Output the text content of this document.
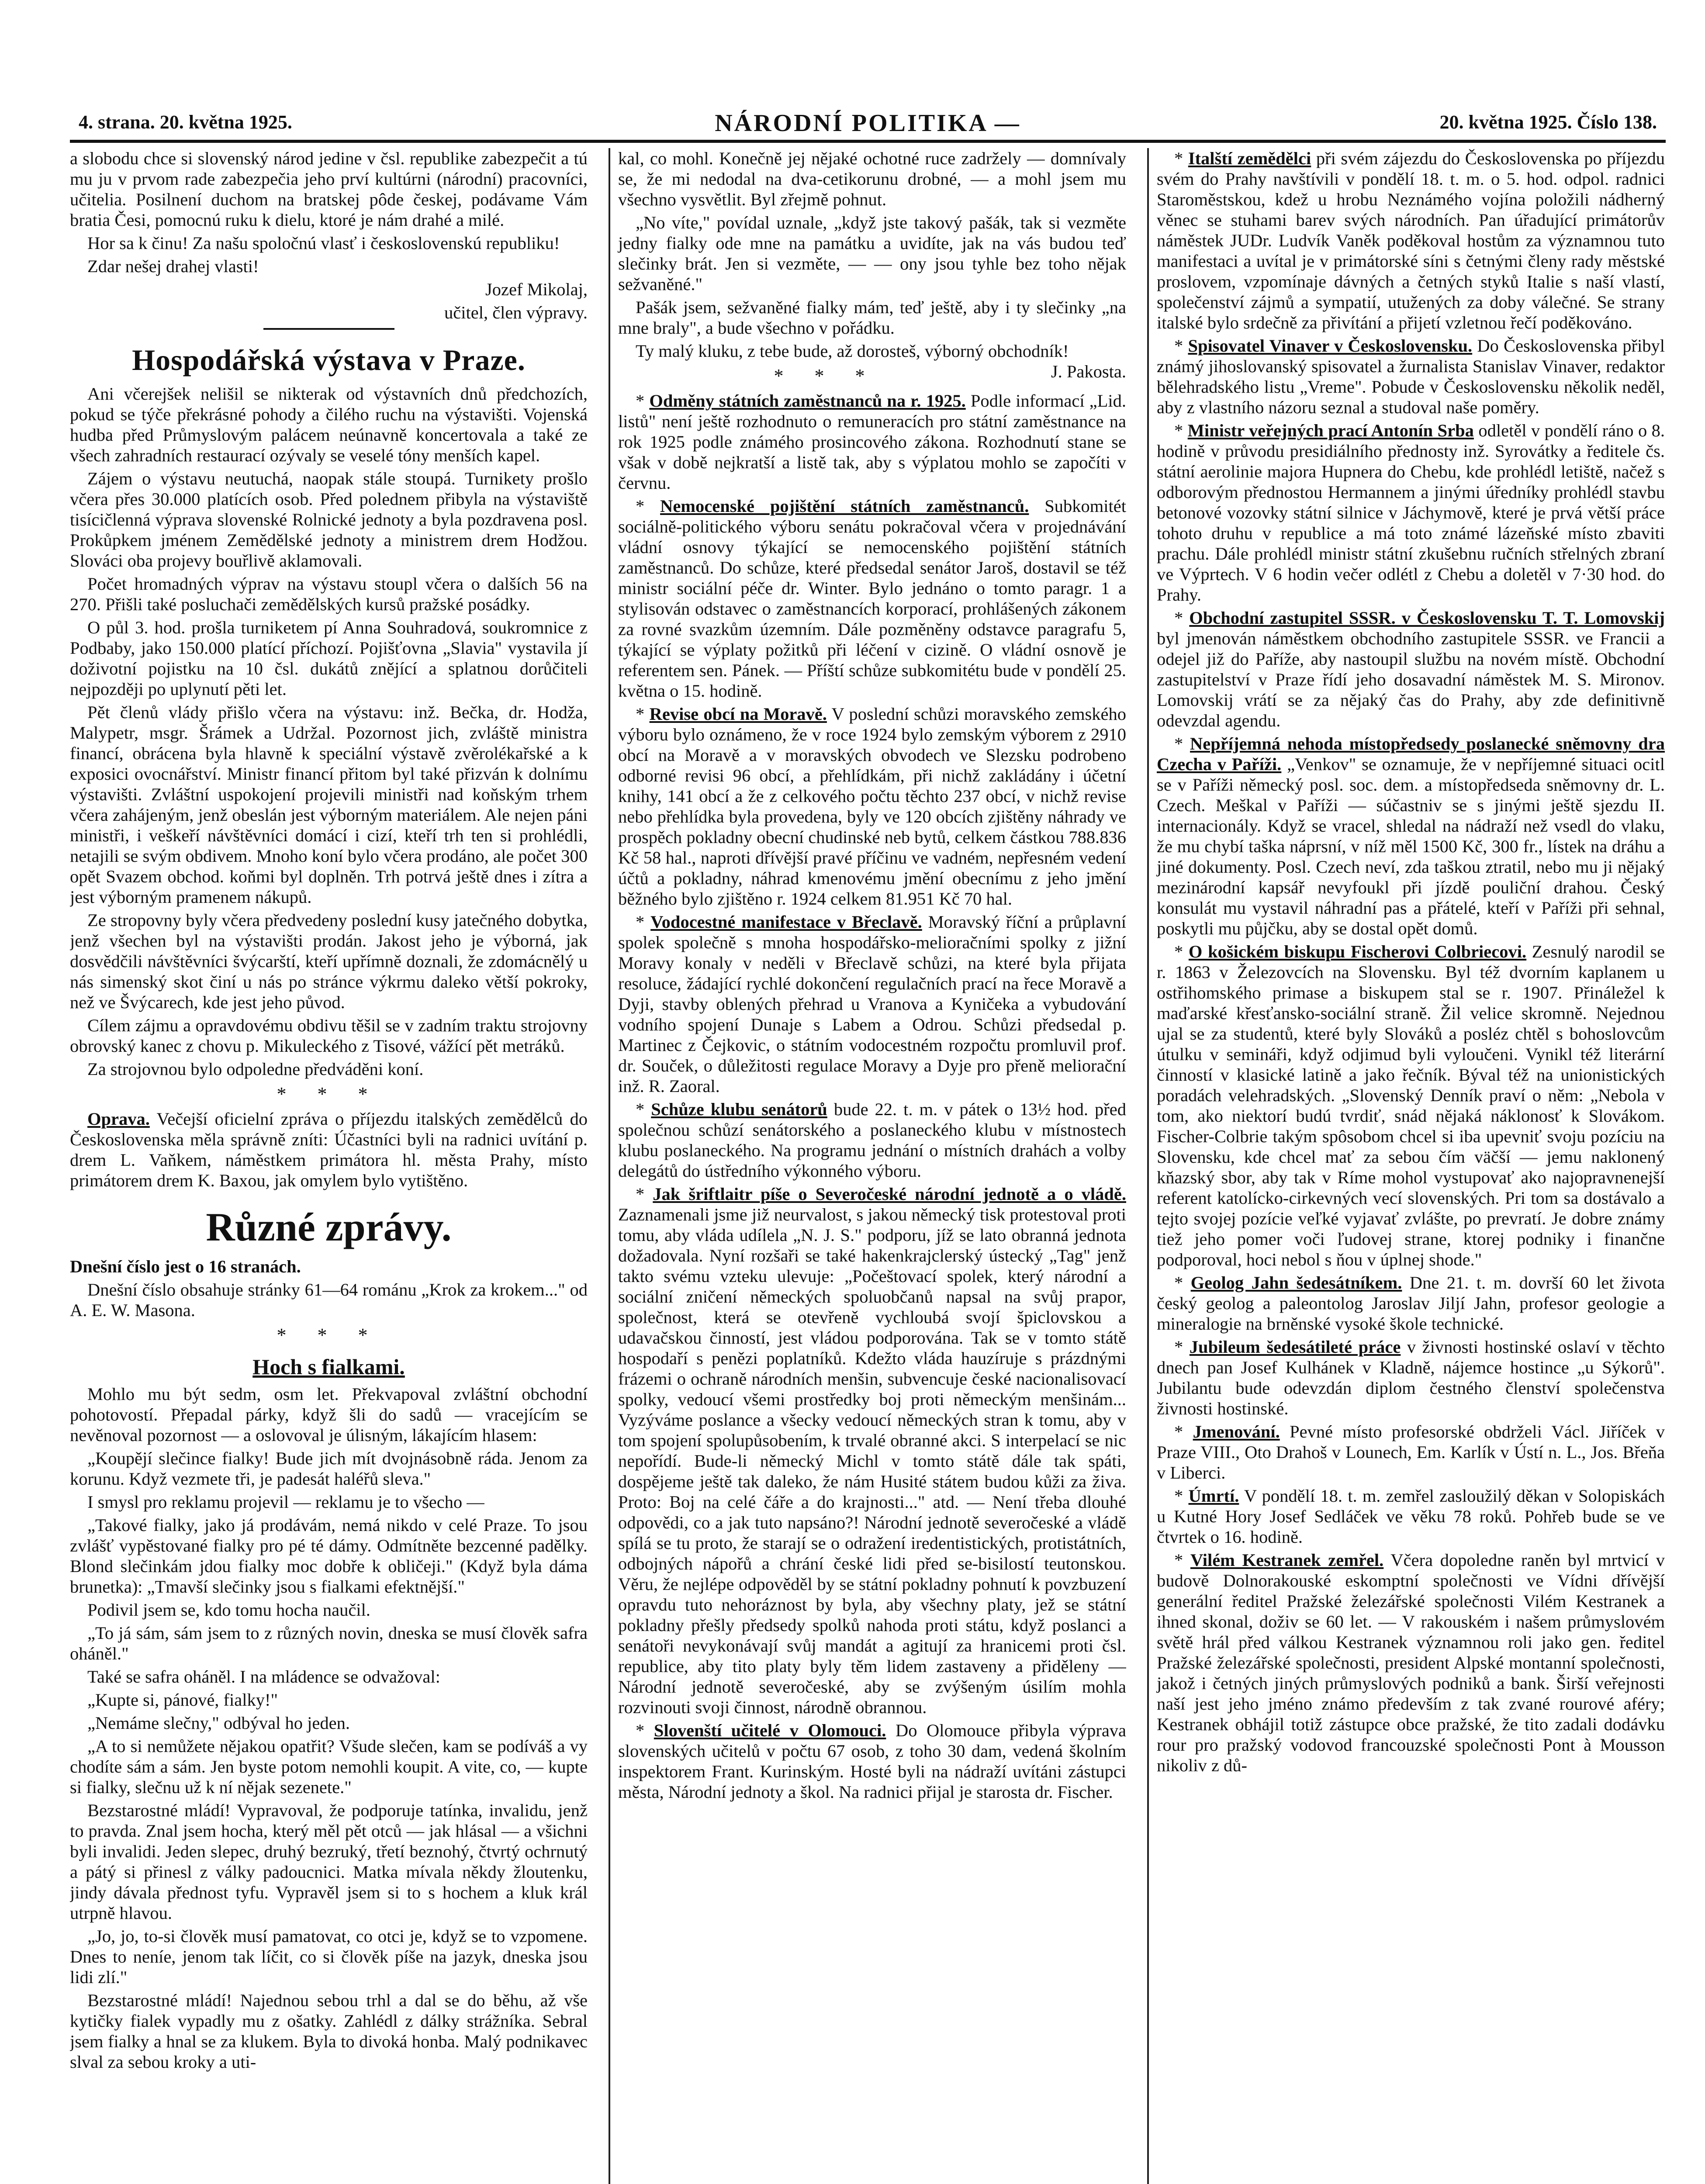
4. strana. 20. května 1925.	NÁRODNÍ POLITIKA —	20. května 1925. Číslo 138.

a slobodu chce si slovenský národ jedine v čsl. republike zabezpečit a tú mu ju v prvom rade zabezpečia jeho prví kultúrni (národní) pracovníci, učitelia. Posilnení duchom na bratskej pôde českej, podávame Vám bratia Česi, pomocnú ruku k dielu, ktoré je nám drahé a milé.

Hor sa k činu! Za našu spoločnú vlasť i československú republiku!

Zdar nešej drahej vlasti!

Jozef Mikolaj,

učitel, člen výpravy.

Hospodářská výstava v Praze.

Ani včerejšek nelišil se nikterak od výstavních dnů předchozích, pokud se týče překrásné pohody a čilého ruchu na výstavišti. Vojenská hudba před Průmyslovým palácem neúnavně koncertovala a také ze všech zahradních restaurací ozývaly se veselé tóny menších kapel.

Zájem o výstavu neutuchá, naopak stále stoupá. Turnikety prošlo včera přes 30.000 platících osob. Před polednem přibyla na výstaviště tisícičlenná výprava slovenské Rolnické jednoty a byla pozdravena posl. Prokůpkem jménem Zemědělské jednoty a ministrem drem Hodžou. Slováci oba projevy bouřlivě aklamovali.

Počet hromadných výprav na výstavu stoupl včera o dalších 56 na 270. Přišli také posluchači zemědělských kursů pražské posádky.

O půl 3. hod. prošla turniketem pí Anna Souhradová, soukromnice z Podbaby, jako 150.000 platící příchozí. Pojišťovna „Slavia" vystavila jí doživotní pojistku na 10 čsl. dukátů znějící a splatnou dorůčiteli nejpozději po uplynutí pěti let.

Pět členů vlády přišlo včera na výstavu: inž. Bečka, dr. Hodža, Malypetr, msgr. Šrámek a Udržal. Pozornost jich, zvláště ministra financí, obrácena byla hlavně k speciální výstavě zvěrolékařské a k exposici ovocnářství. Ministr financí přitom byl také přizván k dolnímu výstavišti. Zvláštní uspokojení projevili ministři nad koňským trhem včera zahájeným, jenž obeslán jest výborným materiálem. Ale nejen páni ministři, i veškeří návštěvníci domácí i cizí, kteří trh ten si prohlédli, netajili se svým obdivem. Mnoho koní bylo včera prodáno, ale počet 300 opět Svazem obchod. koňmi byl doplněn. Trh potrvá ještě dnes i zítra a jest výborným pramenem nákupů.

Ze stropovny byly včera předvedeny poslední kusy jatečného dobytka, jenž všechen byl na výstavišti prodán. Jakost jeho je výborná, jak dosvědčili návštěvníci švýcarští, kteří upřímně doznali, že zdomácnělý u nás simenský skot činí u nás po stránce výkrmu daleko větší pokroky, než ve Švýcarech, kde jest jeho původ.

Cílem zájmu a opravdovému obdivu těšil se v zadním traktu strojovny obrovský kanec z chovu p. Mikuleckého z Tisové, vážící pět metráků.

Za strojovnou bylo odpoledne předváděni koní.

* * *

Oprava. Večejší oficielní zpráva o příjezdu italských zemědělců do Československa měla správně zníti: Účastníci byli na radnici uvítání p. drem L. Vaňkem, náměstkem primátora hl. města Prahy, místo primátorem drem K. Baxou, jak omylem bylo vytištěno.

Různé zprávy.

Dnešní číslo jest o 16 stranách.

Dnešní číslo obsahuje stránky 61—64 románu „Krok za krokem..." od A. E. W. Masona.

* * *
Hoch s fialkami.

Mohlo mu být sedm, osm let. Překvapoval zvláštní obchodní pohotovostí. Přepadal párky, když šli do sadů — vracejícím se nevěnoval pozornost — a oslovoval je úlisným, lákajícím hlasem:

„Koupějí slečince fialky! Bude jich mít dvojnásobně ráda. Jenom za korunu. Když vezmete tři, je padesát haléřů sleva."

I smysl pro reklamu projevil — reklamu je to všecho —

„Takové fialky, jako já prodávám, nemá nikdo v celé Praze. To jsou zvlášť vypěstované fialky pro pé té dámy. Odmítněte bezcenné padělky. Blond slečinkám jdou fialky moc dobře k obličeji." (Když byla dáma brunetka): „Tmavší slečinky jsou s fialkami efektnější."

Podivil jsem se, kdo tomu hocha naučil.

„To já sám, sám jsem to z různých novin, dneska se musí člověk safra oháněl."

Také se safra oháněl. I na mládence se odvažoval:

„Kupte si, pánové, fialky!"

„Nemáme slečny," odbýval ho jeden.

„A to si nemůžete nějakou opatřit? Všude slečen, kam se podíváš a vy chodíte sám a sám. Jen byste potom nemohli koupit. A vite, co, — kupte si fialky, slečnu už k ní nějak sezenete."

Bezstarostné mládí! Vypravoval, že podporuje tatínka, invalidu, jenž to pravda. Znal jsem hocha, který měl pět otců — jak hlásal — a všichni byli invalidi. Jeden slepec, druhý bezruký, třetí beznohý, čtvrtý ochrnutý a pátý si přinesl z války padoucnici. Matka mívala někdy žloutenku, jindy dávala přednost tyfu. Vypravěl jsem si to s hochem a kluk král utrpně hlavou.

„Jo, jo, to-si člověk musí pamatovat, co otci je, když se to vzpomene. Dnes to neníe, jenom tak líčit, co si člověk píše na jazyk, dneska jsou lidi zlí."

Bezstarostné mládí! Najednou sebou trhl a dal se do běhu, až vše kytičky fialek vypadly mu z ošatky. Zahlédl z dálky strážníka. Sebral jsem fialky a hnal se za klukem. Byla to divoká honba. Malý podnikavec slval za sebou kroky a uti-

kal, co mohl. Konečně jej nějaké ochotné ruce zadržely — domnívaly se, že mi nedodal na dva-cetikorunu drobné, — a mohl jsem mu všechno vysvětlit. Byl zřejmě pohnut.

„No víte," povídal uznale, „když jste takový pašák, tak si vezměte jedny fialky ode mne na památku a uvidíte, jak na vás budou teď slečinky brát. Jen si vezměte, — — ony jsou tyhle bez toho nějak sežvaněné."

Pašák jsem, sežvaněné fialky mám, teď ještě, aby i ty slečinky „na mne braly", a bude všechno v pořádku.

Ty malý kluku, z tebe bude, až dorosteš, výborný obchodník!
J. Pakosta.

* * *

* Odměny státních zaměstnanců na r. 1925. Podle informací „Lid. listů" není ještě rozhodnuto o remuneracích pro státní zaměstnance na rok 1925 podle známého prosincového zákona. Rozhodnutí stane se však v době nejkratší a listě tak, aby s výplatou mohlo se započíti v červnu.

* Nemocenské pojištění státních zaměstnanců. Subkomitét sociálně-politického výboru senátu pokračoval včera v projednávání vládní osnovy týkající se nemocenského pojištění státních zaměstnanců. Do schůze, které předsedal senátor Jaroš, dostavil se též ministr sociální péče dr. Winter. Bylo jednáno o tomto paragr. 1 a stylisován odstavec o zaměstnancích korporací, prohlášených zákonem za rovné svazkům územním. Dále pozměněny odstavce paragrafu 5, týkající se výplaty požitků při léčení v cizině. O vládní osnově je referentem sen. Pánek. — Příští schůze subkomitétu bude v pondělí 25. května o 15. hodině.

* Revise obcí na Moravě. V poslední schůzi moravského zemského výboru bylo oznámeno, že v roce 1924 bylo zemským výborem z 2910 obcí na Moravě a v moravských obvodech ve Slezsku podrobeno odborné revisi 96 obcí, a přehlídkám, při nichž zakládány i účetní knihy, 141 obcí a že z celkového počtu těchto 237 obcí, v nichž revise nebo přehlídka byla provedena, byly ve 120 obcích zjištěny náhrady ve prospěch pokladny obecní chudinské neb bytů, celkem částkou 788.836 Kč 58 hal., naproti dřívější pravé příčinu ve vadném, nepřesném vedení účtů a pokladny, náhrad kmenovému jmění obecnímu z jeho jmění běžného bylo zjištěno r. 1924 celkem 81.951 Kč 70 hal.

* Vodocestné manifestace v Břeclavě. Moravský říční a průplavní spolek společně s mnoha hospodářsko-melioračními spolky z jižní Moravy konaly v neděli v Břeclavě schůzi, na které byla přijata resoluce, žádající rychlé dokončení regulačních prací na řece Moravě a Dyji, stavby oblených přehrad u Vranova a Kyničeka a vybudování vodního spojení Dunaje s Labem a Odrou. Schůzi předsedal p. Martinec z Čejkovic, o státním vodocestném rozpočtu promluvil prof. dr. Souček, o důležitosti regulace Moravy a Dyje pro přeně meliorační inž. R. Zaoral.

* Schůze klubu senátorů bude 22. t. m. v pátek o 13½ hod. před společnou schůzí senátorského a poslaneckého klubu v místnostech klubu poslaneckého. Na programu jednání o místních drahách a volby delegátů do ústředního výkonného výboru.

* Jak šriftlaitr píše o Severočeské národní jednotě a o vládě. Zaznamenali jsme již neurvalost, s jakou německý tisk protestoval proti tomu, aby vláda udílela „N. J. S." podporu, jíž se lato obranná jednota dožadovala. Nyní rozšaři se také hakenkrajclerský ústecký „Tag" jenž takto svému vzteku ulevuje: „Počeštovací spolek, který národní a sociální zničení německých spoluobčanů napsal na svůj prapor, společnost, která se otevřeně vychloubá svojí špiclovskou a udavačskou činností, jest vládou podporována. Tak se v tomto státě hospodaří s penězi poplatníků. Kdežto vláda hauzíruje s prázdnými frázemi o ochraně národních menšin, subvencuje české nacionalisovací spolky, vedoucí všemi prostředky boj proti německým menšinám... Vyzýváme poslance a všecky vedoucí německých stran k tomu, aby v tom spojení spolupůsobením, k trvalé obranné akci. S interpelací se nic nepořídí. Bude-li německý Michl v tomto státě dále tak spáti, dospějeme ještě tak daleko, že nám Husité státem budou kůži za živa. Proto: Boj na celé čáře a do krajnosti..." atd. — Není třeba dlouhé odpovědi, co a jak tuto napsáno?! Národní jednotě severočeské a vládě spílá se tu proto, že starají se o odražení iredentistických, protistátních, odbojných nápořů a chrání české lidi před se-bisilostí teutonskou. Věru, že nejlépe odpověděl by se státní pokladny pohnutí k povzbuzení opravdu tuto nehoráznost by byla, aby všechny platy, jež se státní pokladny přešly předsedy spolků nahoda proti státu, když poslanci a senátoři nevykonávají svůj mandát a agitují za hranicemi proti čsl. republice, aby tito platy byly těm lidem zastaveny a přiděleny — Národní jednotě severočeské, aby se zvýšeným úsilím mohla rozvinouti svoji činnost, národně obrannou.

* Slovenští učitelé v Olomouci. Do Olomouce přibyla výprava slovenských učitelů v počtu 67 osob, z toho 30 dam, vedená školním inspektorem Frant. Kurinským. Hosté byli na nádraží uvítáni zástupci města, Národní jednoty a škol. Na radnici přijal je starosta dr. Fischer.

* Italští zemědělci při svém zájezdu do Československa po příjezdu svém do Prahy navštívili v pondělí 18. t. m. o 5. hod. odpol. radnici Staroměstskou, kdež u hrobu Neznámého vojína položili nádherný věnec se stuhami barev svých národních. Pan úřadující primátorův náměstek JUDr. Ludvík Vaněk poděkoval hostům za významnou tuto manifestaci a uvítal je v primátorské síni s četnými členy rady městské proslovem, vzpomínaje dávných a četných styků Italie s naší vlastí, společenství zájmů a sympatií, utužených za doby válečné. Se strany italské bylo srdečně za přivítání a přijetí vzletnou řečí poděkováno.

* Spisovatel Vinaver v Československu. Do Československa přibyl známý jihoslovanský spisovatel a žurnalista Stanislav Vinaver, redaktor bělehradského listu „Vreme". Pobude v Československu několik neděl, aby z vlastního názoru seznal a studoval naše poměry.

* Ministr veřejných prací Antonín Srba odletěl v pondělí ráno o 8. hodině v průvodu presidiálního přednosty inž. Syrovátky a ředitele čs. státní aerolinie majora Hupnera do Chebu, kde prohlédl letiště, načež s odborovým přednostou Hermannem a jinými úředníky prohlédl stavbu betonové vozovky státní silnice v Jáchymově, které je prvá větší práce tohoto druhu v republice a má toto známé lázeňské místo zbaviti prachu. Dále prohlédl ministr státní zkušebnu ručních střelných zbraní ve Výprtech. V 6 hodin večer odlétl z Chebu a doletěl v 7·30 hod. do Prahy.

* Obchodní zastupitel SSSR. v Československu T. T. Lomovskij byl jmenován náměstkem obchodního zastupitele SSSR. ve Francii a odejel již do Paříže, aby nastoupil službu na novém místě. Obchodní zastupitelství v Praze řídí jeho dosavadní náměstek M. S. Mironov. Lomovskij vrátí se za nějaký čas do Prahy, aby zde definitivně odevzdal agendu.

* Nepříjemná nehoda místopředsedy poslanecké sněmovny dra Czecha v Paříži. „Venkov" se oznamuje, že v nepříjemné situaci ocitl se v Paříži německý posl. soc. dem. a místopředseda sněmovny dr. L. Czech. Meškal v Paříži — súčastniv se s jinými ještě sjezdu II. internacionály. Když se vracel, shledal na nádraží než vsedl do vlaku, že mu chybí taška náprsní, v níž měl 1500 Kč, 300 fr., lístek na dráhu a jiné dokumenty. Posl. Czech neví, zda taškou ztratil, nebo mu ji nějaký mezinárodní kapsář nevyfoukl při jízdě pouliční drahou. Český konsulát mu vystavil náhradní pas a přátelé, kteří v Paříži při sehnal, poskytli mu půjčku, aby se dostal opět domů.

* O košickém biskupu Fischerovi Colbriecovi. Zesnulý narodil se r. 1863 v Železovcích na Slovensku. Byl též dvorním kaplanem u ostřihomského primase a biskupem stal se r. 1907. Přináležel k maďarské křesťansko-sociální straně. Žil velice skromně. Nejednou ujal se za studentů, které byly Slováků a posléz chtěl s bohoslovcům útulku v semináři, když odjimud byli vyloučeni. Vynikl též literární činností v klasické latině a jako řečník. Býval též na unionistických poradách velehradských. „Slovenský Denník praví o něm: „Nebola v tom, ako niektorí budú tvrdiť, snád nějaká náklonosť k Slovákom. Fischer-Colbrie takým spôsobom chcel si iba upevniť svoju pozíciu na Slovensku, kde chcel mať za sebou čím väčší — jemu naklonený kňazský sbor, aby tak v Ríme mohol vystupovať ako najopravnenejší referent katolícko-cirkevných vecí slovenských. Pri tom sa dostávalo a tejto svojej pozície veľké vyjavať zvlášte, po prevratí. Je dobre známy tiež jeho pomer voči ľudovej strane, ktorej podniky i finančne podporoval, hoci nebol s ňou v úplnej shode."

* Geolog Jahn šedesátníkem. Dne 21. t. m. dovrší 60 let života český geolog a paleontolog Jaroslav Jiljí Jahn, profesor geologie a mineralogie na brněnské vysoké škole technické.

* Jubileum šedesátileté práce v živnosti hostinské oslaví v těchto dnech pan Josef Kulhánek v Kladně, nájemce hostince „u Sýkorů". Jubilantu bude odevzdán diplom čestného členství společenstva živnosti hostinské.

* Jmenování. Pevné místo profesorské obdrželi Václ. Jiříček v Praze VIII., Oto Drahoš v Lounech, Em. Karlík v Ústí n. L., Jos. Břeňa v Liberci.

* Úmrtí. V pondělí 18. t. m. zemřel zasloužilý děkan v Solopiskách u Kutné Hory Josef Sedláček ve věku 78 roků. Pohřeb bude se ve čtvrtek o 16. hodině.

* Vilém Kestranek zemřel. Včera dopoledne raněn byl mrtvicí v budově Dolnorakouské eskomptní společnosti ve Vídni dřívější generální ředitel Pražské železářské společnosti Vilém Kestranek a ihned skonal, doživ se 60 let. — V rakouském i našem průmyslovém světě hrál před válkou Kestranek významnou roli jako gen. ředitel Pražské železářské společnosti, president Alpské montanní společnosti, jakož i četných jiných průmyslových podniků a bank. Širší veřejnosti naší jest jeho jméno známo především z tak zvané rourové aféry; Kestranek obhájil totiž zástupce obce pražské, že tito zadali dodávku rour pro pražský vodovod francouzské společnosti Pont à Mousson nikoliv z dů-
